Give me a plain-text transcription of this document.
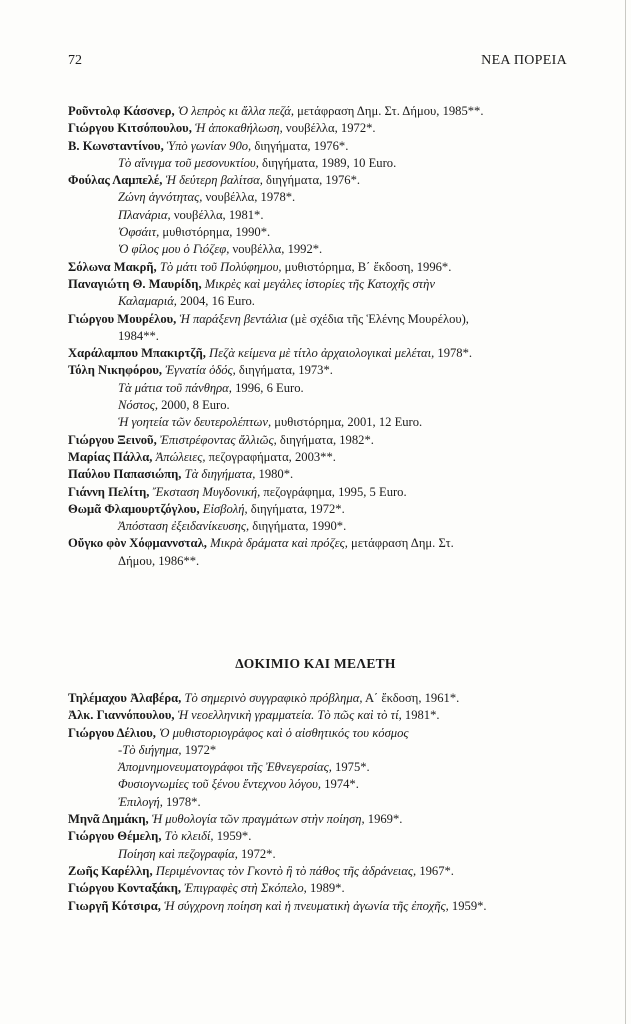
72	ΝΕΑ ΠΟΡΕΙΑ

Ροῦντολφ Κάσσνερ, Ὁ λεπρὸς κι ἄλλα πεζά, μετάφραση Δημ. Στ. Δήμου, 1985**.

Γιώργου Κιτσόπουλου, Ἡ ἀποκαθήλωση, νουβέλλα, 1972*.

Β. Κωνσταντίνου, Ὑπὸ γωνίαν 90ο, διηγήματα, 1976*.

Τὸ αἴνιγμα τοῦ μεσονυκτίου, διηγήματα, 1989, 10 Euro.

Φούλας Λαμπελέ, Ἡ δεύτερη βαλίτσα, διηγήματα, 1976*.

Ζώνη ἁγνότητας, νουβέλλα, 1978*.

Πλανάρια, νουβέλλα, 1981*.

Ὀφσάιτ, μυθιστόρημα, 1990*.

Ὁ φίλος μου ὁ Γιόζεφ, νουβέλλα, 1992*.

Σόλωνα Μακρῆ, Τὸ μάτι τοῦ Πολύφημου, μυθιστόρημα, Β΄ ἔκδοση, 1996*.

Παναγιώτη Θ. Μαυρίδη, Μικρὲς καὶ μεγάλες ἱστορίες τῆς Κατοχῆς στὴν

Καλαμαριά, 2004, 16 Euro.

Γιώργου Μουρέλου, Ἡ παράξενη βεντάλια (μὲ σχέδια τῆς Ἑλένης Μουρέλου),

1984**.

Χαράλαμπου Μπακιρτζῆ, Πεζὰ κείμενα μὲ τίτλο ἀρχαιολογικαὶ μελέται, 1978*.

Τόλη Νικηφόρου, Ἐγνατία ὁδός, διηγήματα, 1973*.

Τὰ μάτια τοῦ πάνθηρα, 1996, 6 Euro.

Νόστος, 2000, 8 Euro.

Ἡ γοητεία τῶν δευτερολέπτων, μυθιστόρημα, 2001, 12 Euro.

Γιώργου Ξεινοῦ, Ἐπιστρέφοντας ἄλλιῶς, διηγήματα, 1982*.

Μαρίας Πάλλα, Ἀπώλειες, πεζογραφήματα, 2003**.

Παύλου Παπασιώπη, Τὰ διηγήματα, 1980*.

Γιάννη Πελίτη, Ἔκσταση Μυγδονική, πεζογράφημα, 1995, 5 Euro.

Θωμᾶ Φλαμουρτζόγλου, Εἰσβολή, διηγήματα, 1972*.

Ἀπόσταση ἐξειδανίκευσης, διηγήματα, 1990*.

Οὔγκο φὸν Χόφμαννσταλ, Μικρὰ δράματα καὶ πρόζες, μετάφραση Δημ. Στ.

Δήμου, 1986**.

ΔΟΚΙΜΙΟ ΚΑΙ ΜΕΛΕΤΗ

Τηλέμαχου Ἀλαβέρα, Τὸ σημερινὸ συγγραφικὸ πρόβλημα, Α΄ ἔκδοση, 1961*.

Ἀλκ. Γιαννόπουλου, Ἡ νεοελληνικὴ γραμματεία. Τὸ πῶς καὶ τὸ τί, 1981*.

Γιώργου Δέλιου, Ὁ μυθιστοριογράφος καὶ ὁ αἰσθητικός του κόσμος

-Τὸ διήγημα, 1972*

Ἀπομνημονευματογράφοι τῆς Ἐθνεγερσίας, 1975*.

Φυσιογνωμίες τοῦ ξένου ἔντεχνου λόγου, 1974*.

Ἐπιλογή, 1978*.

Μηνᾶ Δημάκη, Ἡ μυθολογία τῶν πραγμάτων στὴν ποίηση, 1969*.

Γιώργου Θέμελη, Τὸ κλειδί, 1959*.

Ποίηση καὶ πεζογραφία, 1972*.

Ζωῆς Καρέλλη, Περιμένοντας τὸν Γκοντὸ ἢ τὸ πάθος τῆς ἀδράνειας, 1967*.

Γιώργου Κονταξάκη, Ἐπιγραφὲς στὴ Σκόπελο, 1989*.

Γιωργῆ Κότσιρα, Ἡ σύγχρονη ποίηση καὶ ἡ πνευματικὴ ἀγωνία τῆς ἐποχῆς, 1959*.
